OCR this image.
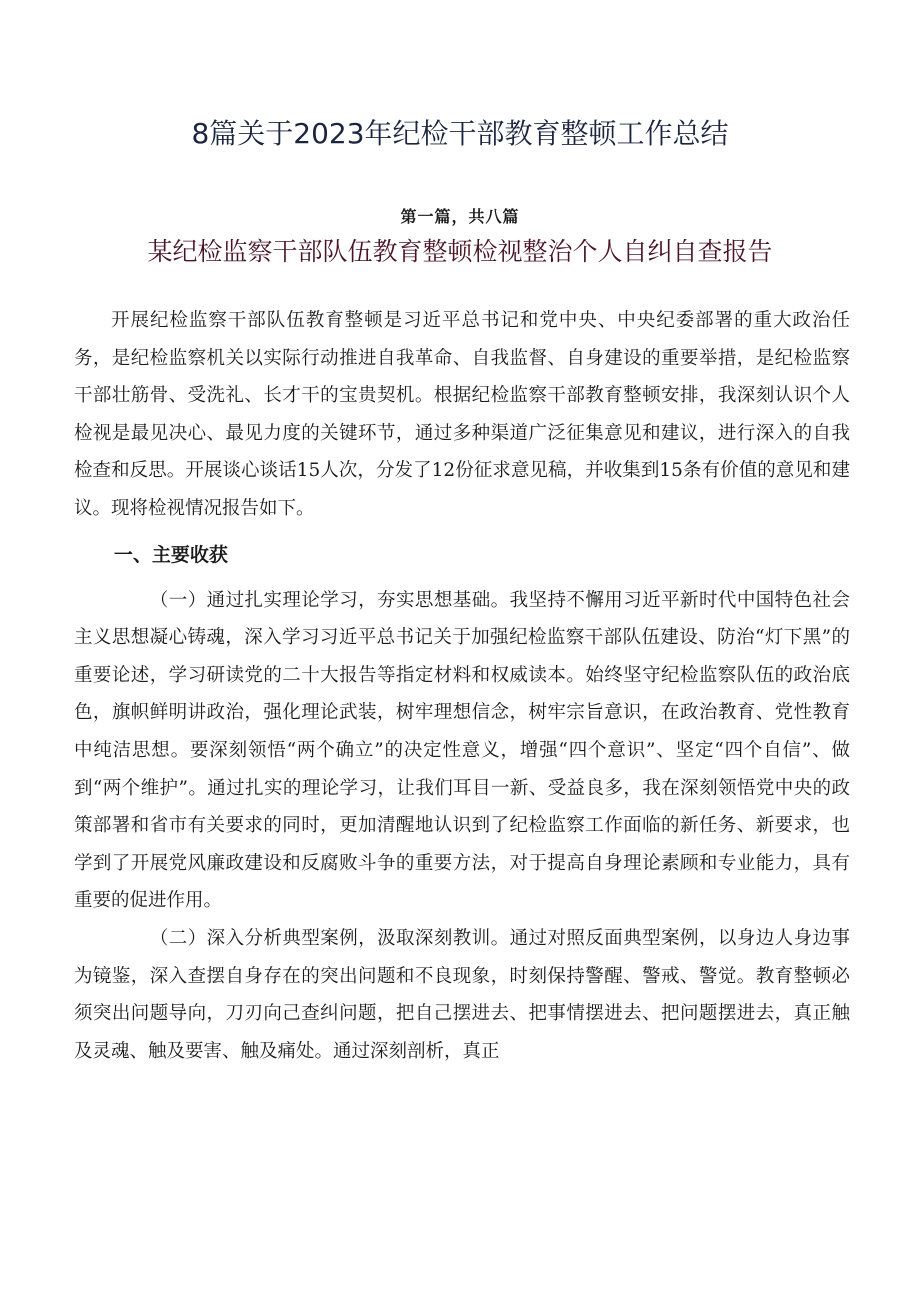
8篇关于2023年纪检干部教育整顿工作总结
第一篇，共八篇
某纪检监察干部队伍教育整顿检视整治个人自纠自查报告

开展纪检监察干部队伍教育整顿是习近平总书记和党中央、中央纪委部署的重大政治任务，是纪检监察机关以实际行动推进自我革命、自我监督、自身建设的重要举措，是纪检监察干部壮筋骨、受洗礼、长才干的宝贵契机。根据纪检监察干部教育整顿安排，我深刻认识个人检视是最见决心、最见力度的关键环节，通过多种渠道广泛征集意见和建议，进行深入的自我检查和反思。开展谈心谈话15人次，分发了12份征求意见稿，并收集到15条有价值的意见和建议。现将检视情况报告如下。

一、主要收获

（一）通过扎实理论学习，夯实思想基础。我坚持不懈用习近平新时代中国特色社会主义思想凝心铸魂，深入学习习近平总书记关于加强纪检监察干部队伍建设、防治“灯下黑”的重要论述，学习研读党的二十大报告等指定材料和权威读本。始终坚守纪检监察队伍的政治底色，旗帜鲜明讲政治，强化理论武装，树牢理想信念，树牢宗旨意识，在政治教育、党性教育中纯洁思想。要深刻领悟“两个确立”的决定性意义，增强“四个意识”、坚定“四个自信”、做到“两个维护”。通过扎实的理论学习，让我们耳目一新、受益良多，我在深刻领悟党中央的政策部署和省市有关要求的同时，更加清醒地认识到了纪检监察工作面临的新任务、新要求，也学到了开展党风廉政建设和反腐败斗争的重要方法，对于提高自身理论素顾和专业能力，具有重要的促进作用。

（二）深入分析典型案例，汲取深刻教训。通过对照反面典型案例，以身边人身边事为镜鉴，深入查摆自身存在的突出问题和不良现象，时刻保持警醒、警戒、警觉。教育整顿必须突出问题导向，刀刃向己查纠问题，把自己摆进去、把事情摆进去、把问题摆进去，真正触及灵魂、触及要害、触及痛处。通过深刻剖析，真正
